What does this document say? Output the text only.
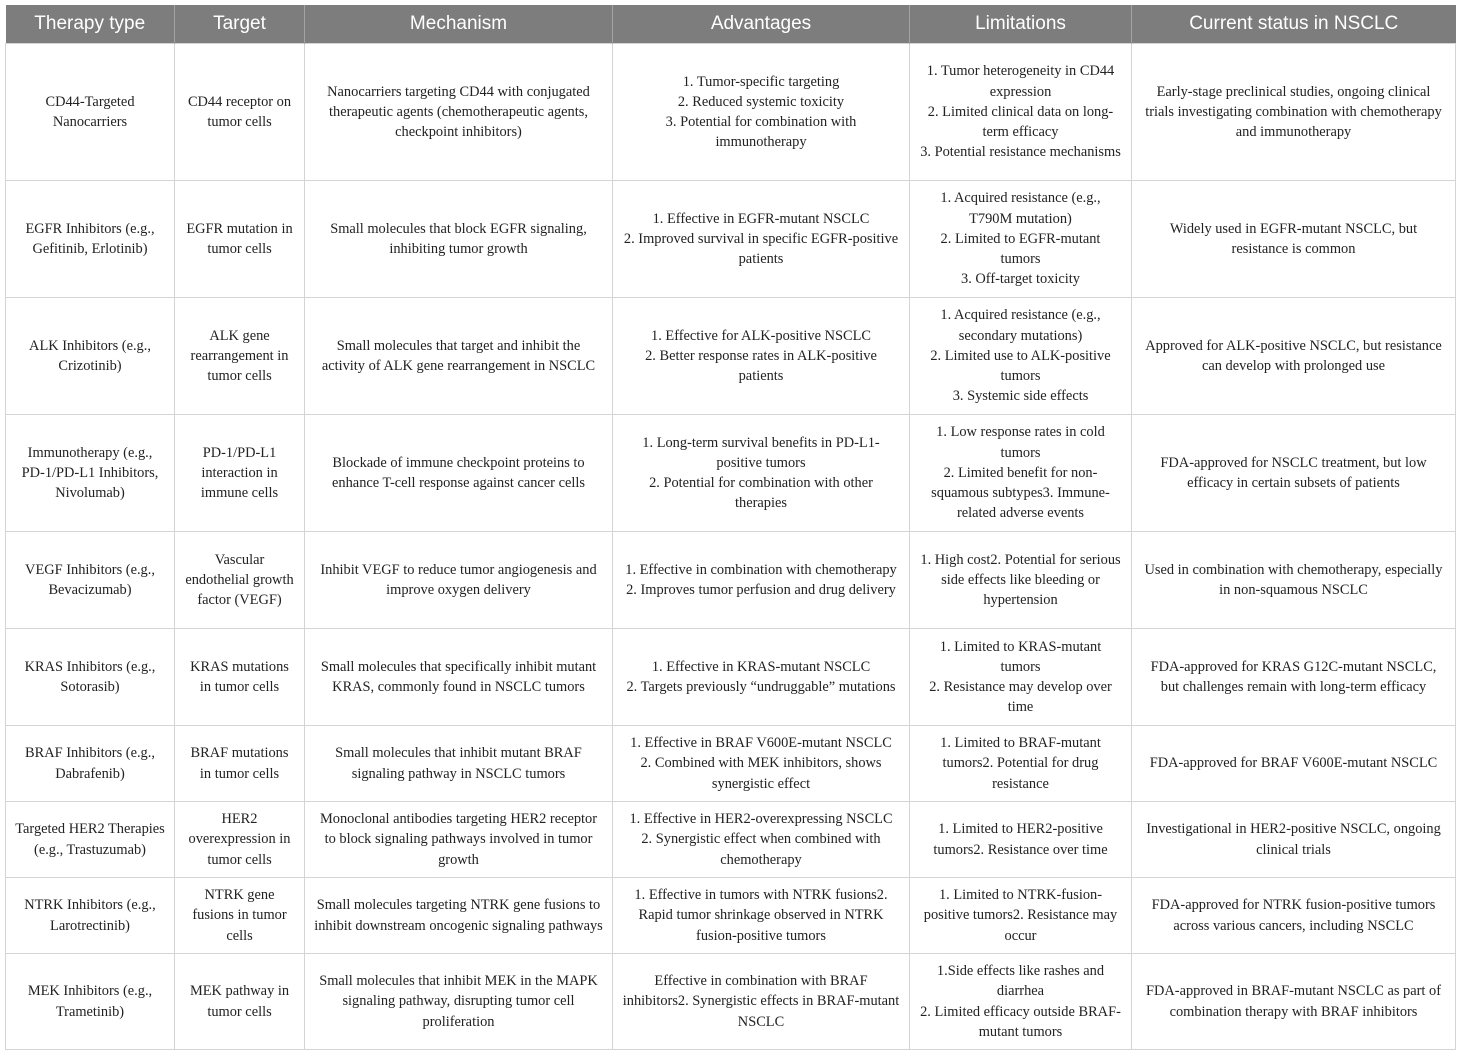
Therapy type	Target	Mechanism	Advantages	Limitations	Current status in NSCLC
CD44-Targeted Nanocarriers	CD44 receptor on tumor cells	Nanocarriers targeting CD44 with conjugated therapeutic agents (chemotherapeutic agents, checkpoint inhibitors)	1. Tumor-specific targeting
2. Reduced systemic toxicity
3. Potential for combination with immunotherapy	1. Tumor heterogeneity in CD44 expression
2. Limited clinical data on long-term efficacy
3. Potential resistance mechanisms	Early-stage preclinical studies, ongoing clinical trials investigating combination with chemotherapy and immunotherapy
EGFR Inhibitors (e.g., Gefitinib, Erlotinib)	EGFR mutation in tumor cells	Small molecules that block EGFR signaling, inhibiting tumor growth	1. Effective in EGFR-mutant NSCLC
2. Improved survival in specific EGFR-positive patients	1. Acquired resistance (e.g., T790M mutation)
2. Limited to EGFR-mutant tumors
3. Off-target toxicity	Widely used in EGFR-mutant NSCLC, but resistance is common
ALK Inhibitors (e.g., Crizotinib)	ALK gene rearrangement in tumor cells	Small molecules that target and inhibit the activity of ALK gene rearrangement in NSCLC	1. Effective for ALK-positive NSCLC
2. Better response rates in ALK-positive patients	1. Acquired resistance (e.g., secondary mutations)
2. Limited use to ALK-positive tumors
3. Systemic side effects	Approved for ALK-positive NSCLC, but resistance can develop with prolonged use
Immunotherapy (e.g., PD-1/PD-L1 Inhibitors, Nivolumab)	PD-1/PD-L1 interaction in immune cells	Blockade of immune checkpoint proteins to enhance T-cell response against cancer cells	1. Long-term survival benefits in PD-L1-positive tumors
2. Potential for combination with other therapies	1. Low response rates in cold tumors
2. Limited benefit for non-squamous subtypes3. Immune-related adverse events	FDA-approved for NSCLC treatment, but low efficacy in certain subsets of patients
VEGF Inhibitors (e.g., Bevacizumab)	Vascular endothelial growth factor (VEGF)	Inhibit VEGF to reduce tumor angiogenesis and improve oxygen delivery	1. Effective in combination with chemotherapy
2. Improves tumor perfusion and drug delivery	1. High cost2. Potential for serious side effects like bleeding or hypertension	Used in combination with chemotherapy, especially in non-squamous NSCLC
KRAS Inhibitors (e.g., Sotorasib)	KRAS mutations in tumor cells	Small molecules that specifically inhibit mutant KRAS, commonly found in NSCLC tumors	1. Effective in KRAS-mutant NSCLC
2. Targets previously “undruggable” mutations	1. Limited to KRAS-mutant tumors
2. Resistance may develop over time	FDA-approved for KRAS G12C-mutant NSCLC, but challenges remain with long-term efficacy
BRAF Inhibitors (e.g., Dabrafenib)	BRAF mutations in tumor cells	Small molecules that inhibit mutant BRAF signaling pathway in NSCLC tumors	1. Effective in BRAF V600E-mutant NSCLC
2. Combined with MEK inhibitors, shows synergistic effect	1. Limited to BRAF-mutant tumors2. Potential for drug resistance	FDA-approved for BRAF V600E-mutant NSCLC
Targeted HER2 Therapies (e.g., Trastuzumab)	HER2 overexpression in tumor cells	Monoclonal antibodies targeting HER2 receptor to block signaling pathways involved in tumor growth	1. Effective in HER2-overexpressing NSCLC
2. Synergistic effect when combined with chemotherapy	1. Limited to HER2-positive tumors2. Resistance over time	Investigational in HER2-positive NSCLC, ongoing clinical trials
NTRK Inhibitors (e.g., Larotrectinib)	NTRK gene fusions in tumor cells	Small molecules targeting NTRK gene fusions to inhibit downstream oncogenic signaling pathways	1. Effective in tumors with NTRK fusions2. Rapid tumor shrinkage observed in NTRK fusion-positive tumors	1. Limited to NTRK-fusion-positive tumors2. Resistance may occur	FDA-approved for NTRK fusion-positive tumors across various cancers, including NSCLC
MEK Inhibitors (e.g., Trametinib)	MEK pathway in tumor cells	Small molecules that inhibit MEK in the MAPK signaling pathway, disrupting tumor cell proliferation	Effective in combination with BRAF inhibitors2. Synergistic effects in BRAF-mutant NSCLC	1.Side effects like rashes and diarrhea
2. Limited efficacy outside BRAF-mutant tumors	FDA-approved in BRAF-mutant NSCLC as part of combination therapy with BRAF inhibitors
